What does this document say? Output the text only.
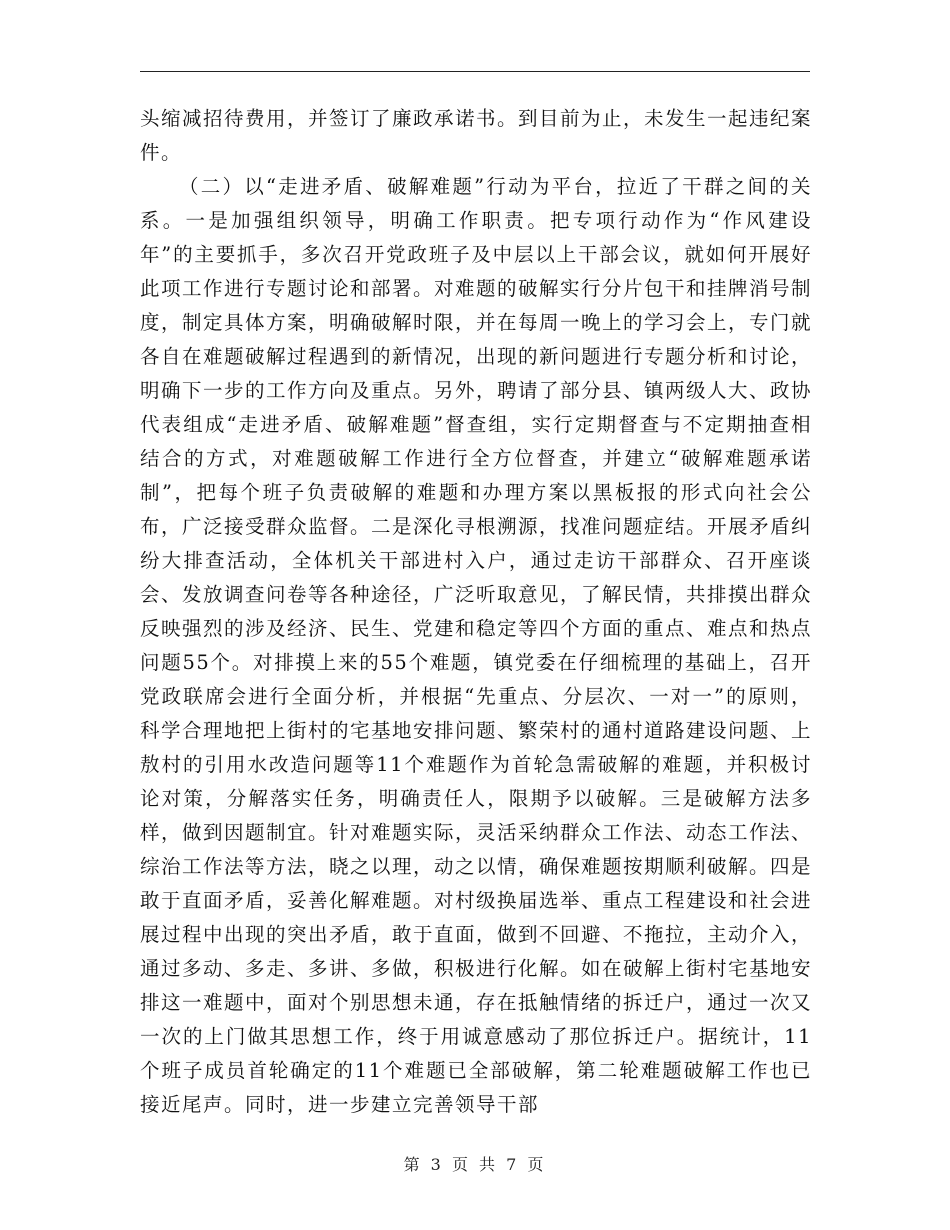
头缩减招待费用，并签订了廉政承诺书。到目前为止，未发生一起违纪案件。

（二）以“走进矛盾、破解难题”行动为平台，拉近了干群之间的关系。一是加强组织领导，明确工作职责。把专项行动作为“作风建设年”的主要抓手，多次召开党政班子及中层以上干部会议，就如何开展好此项工作进行专题讨论和部署。对难题的破解实行分片包干和挂牌消号制度，制定具体方案，明确破解时限，并在每周一晚上的学习会上，专门就各自在难题破解过程遇到的新情况，出现的新问题进行专题分析和讨论，明确下一步的工作方向及重点。另外，聘请了部分县、镇两级人大、政协代表组成“走进矛盾、破解难题”督查组，实行定期督查与不定期抽查相结合的方式，对难题破解工作进行全方位督查，并建立“破解难题承诺制”，把每个班子负责破解的难题和办理方案以黑板报的形式向社会公布，广泛接受群众监督。二是深化寻根溯源，找准问题症结。开展矛盾纠纷大排查活动，全体机关干部进村入户，通过走访干部群众、召开座谈会、发放调查问卷等各种途径，广泛听取意见，了解民情，共排摸出群众反映强烈的涉及经济、民生、党建和稳定等四个方面的重点、难点和热点问题55个。对排摸上来的55个难题，镇党委在仔细梳理的基础上，召开党政联席会进行全面分析，并根据“先重点、分层次、一对一”的原则，科学合理地把上街村的宅基地安排问题、繁荣村的通村道路建设问题、上敖村的引用水改造问题等11个难题作为首轮急需破解的难题，并积极讨论对策，分解落实任务，明确责任人，限期予以破解。三是破解方法多样，做到因题制宜。针对难题实际，灵活采纳群众工作法、动态工作法、综治工作法等方法，晓之以理，动之以情，确保难题按期顺利破解。四是敢于直面矛盾，妥善化解难题。对村级换届选举、重点工程建设和社会进展过程中出现的突出矛盾，敢于直面，做到不回避、不拖拉，主动介入，通过多动、多走、多讲、多做，积极进行化解。如在破解上街村宅基地安排这一难题中，面对个别思想未通，存在抵触情绪的拆迁户，通过一次又一次的上门做其思想工作，终于用诚意感动了那位拆迁户。据统计，11个班子成员首轮确定的11个难题已全部破解，第二轮难题破解工作也已接近尾声。同时，进一步建立完善领导干部

第 3 页 共 7 页
